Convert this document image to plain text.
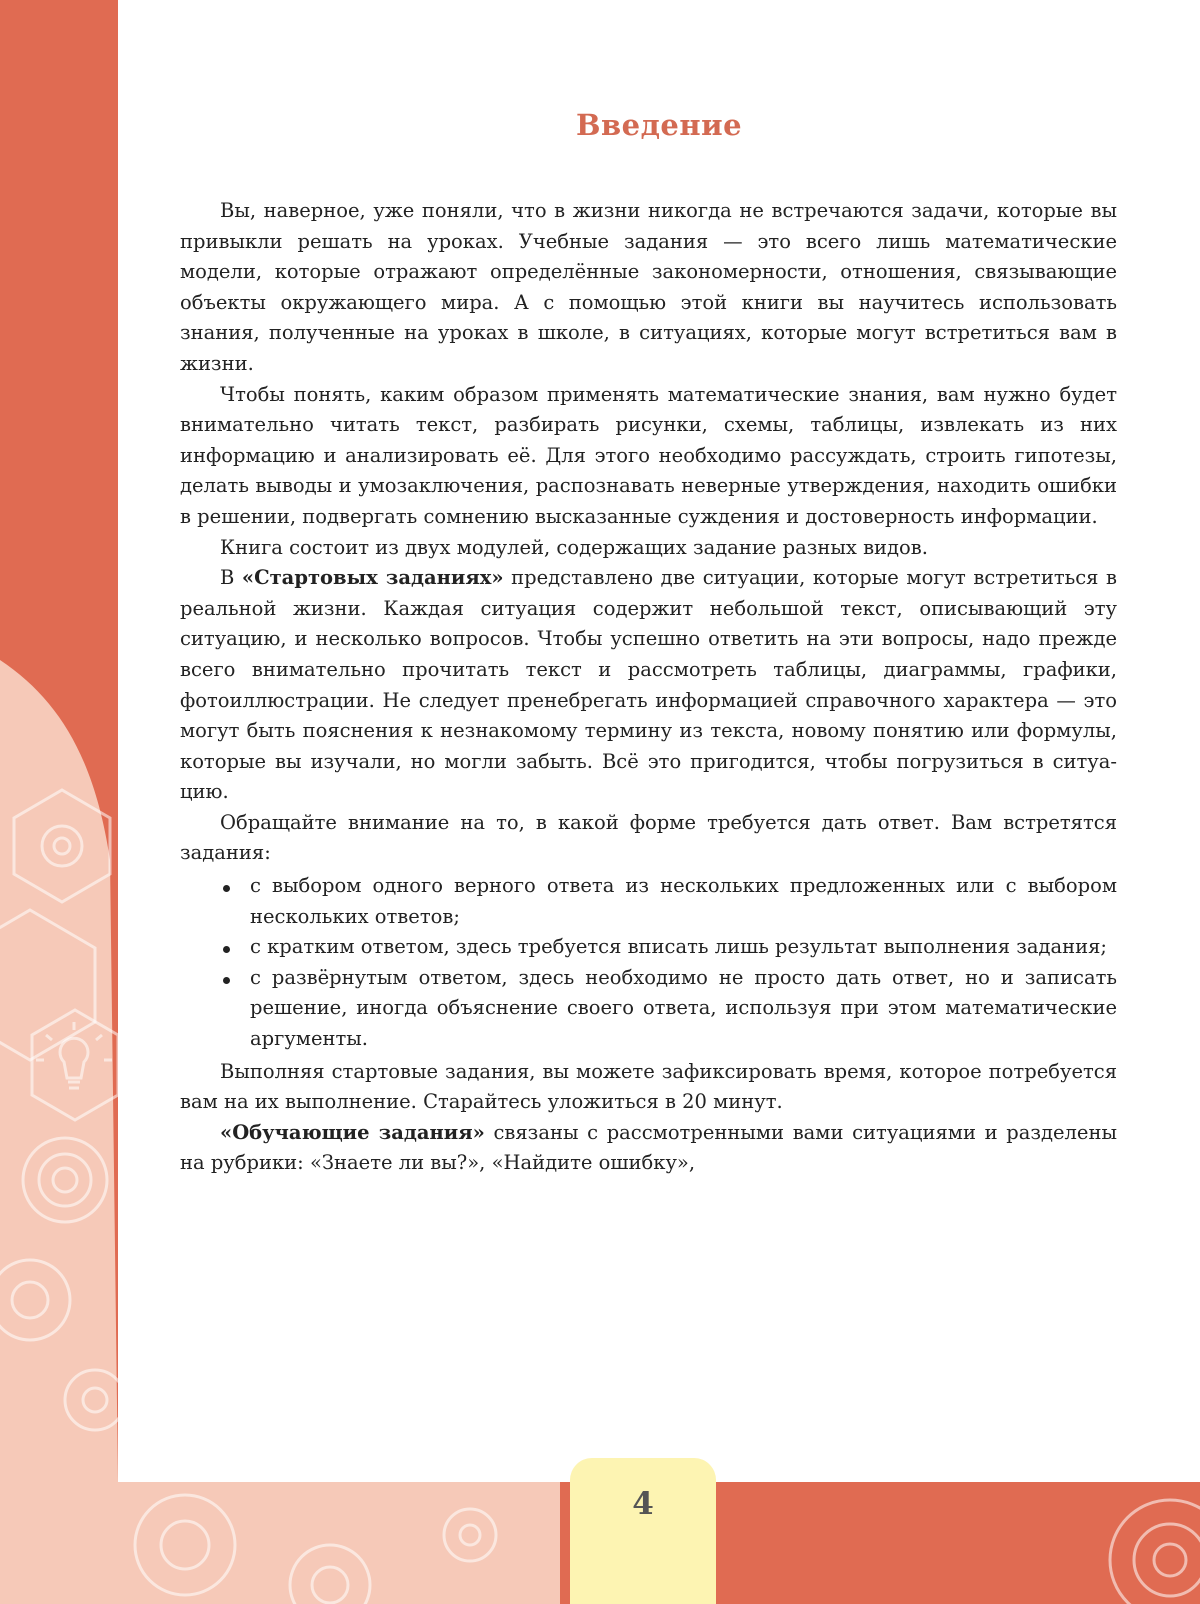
Введение

Вы, наверное, уже поняли, что в жизни никогда не встречаются задачи, которые вы привыкли решать на уроках. Учебные задания — это всего лишь математические модели, которые отражают определённые закономерности, отношения, связывающие объекты окружающего мира. А с помощью этой книги вы научитесь использовать знания, полученные на уроках в школе, в ситуациях, которые могут встретиться вам в жизни.

Чтобы понять, каким образом применять математические знания, вам нужно будет внимательно читать текст, разбирать рисунки, схемы, таблицы, извлекать из них информацию и анализировать её. Для этого необходимо рассуждать, строить гипотезы, делать выводы и умозаключения, распознавать неверные утверждения, находить ошибки в решении, подвергать сомнению высказанные суждения и достоверность информации.

Книга состоит из двух модулей, содержащих задание разных видов.

В «Стартовых заданиях» представлено две ситуации, которые могут встретиться в реальной жизни. Каждая ситуация содержит небольшой текст, описывающий эту ситуацию, и несколько вопросов. Чтобы успешно ответить на эти вопросы, надо прежде всего внимательно прочитать текст и рассмотреть таблицы, диаграммы, графики, фотоиллюстрации. Не следует пренебрегать информацией справочного характера — это могут быть пояснения к незнакомому термину из текста, новому понятию или формулы, которые вы изучали, но могли забыть. Всё это пригодится, чтобы погрузиться в ситуацию.

Обращайте внимание на то, в какой форме требуется дать ответ. Вам встретятся задания:

с выбором одного верного ответа из нескольких предложенных или с выбором нескольких ответов;
с кратким ответом, здесь требуется вписать лишь результат выполнения задания;
с развёрнутым ответом, здесь необходимо не просто дать ответ, но и записать решение, иногда объяснение своего ответа, используя при этом математические аргументы.

Выполняя стартовые задания, вы можете зафиксировать время, которое потребуется вам на их выполнение. Старайтесь уложиться в 20 минут.

«Обучающие задания» связаны с рассмотренными вами ситуациями и разделены на рубрики: «Знаете ли вы?», «Найдите ошибку»,

4
